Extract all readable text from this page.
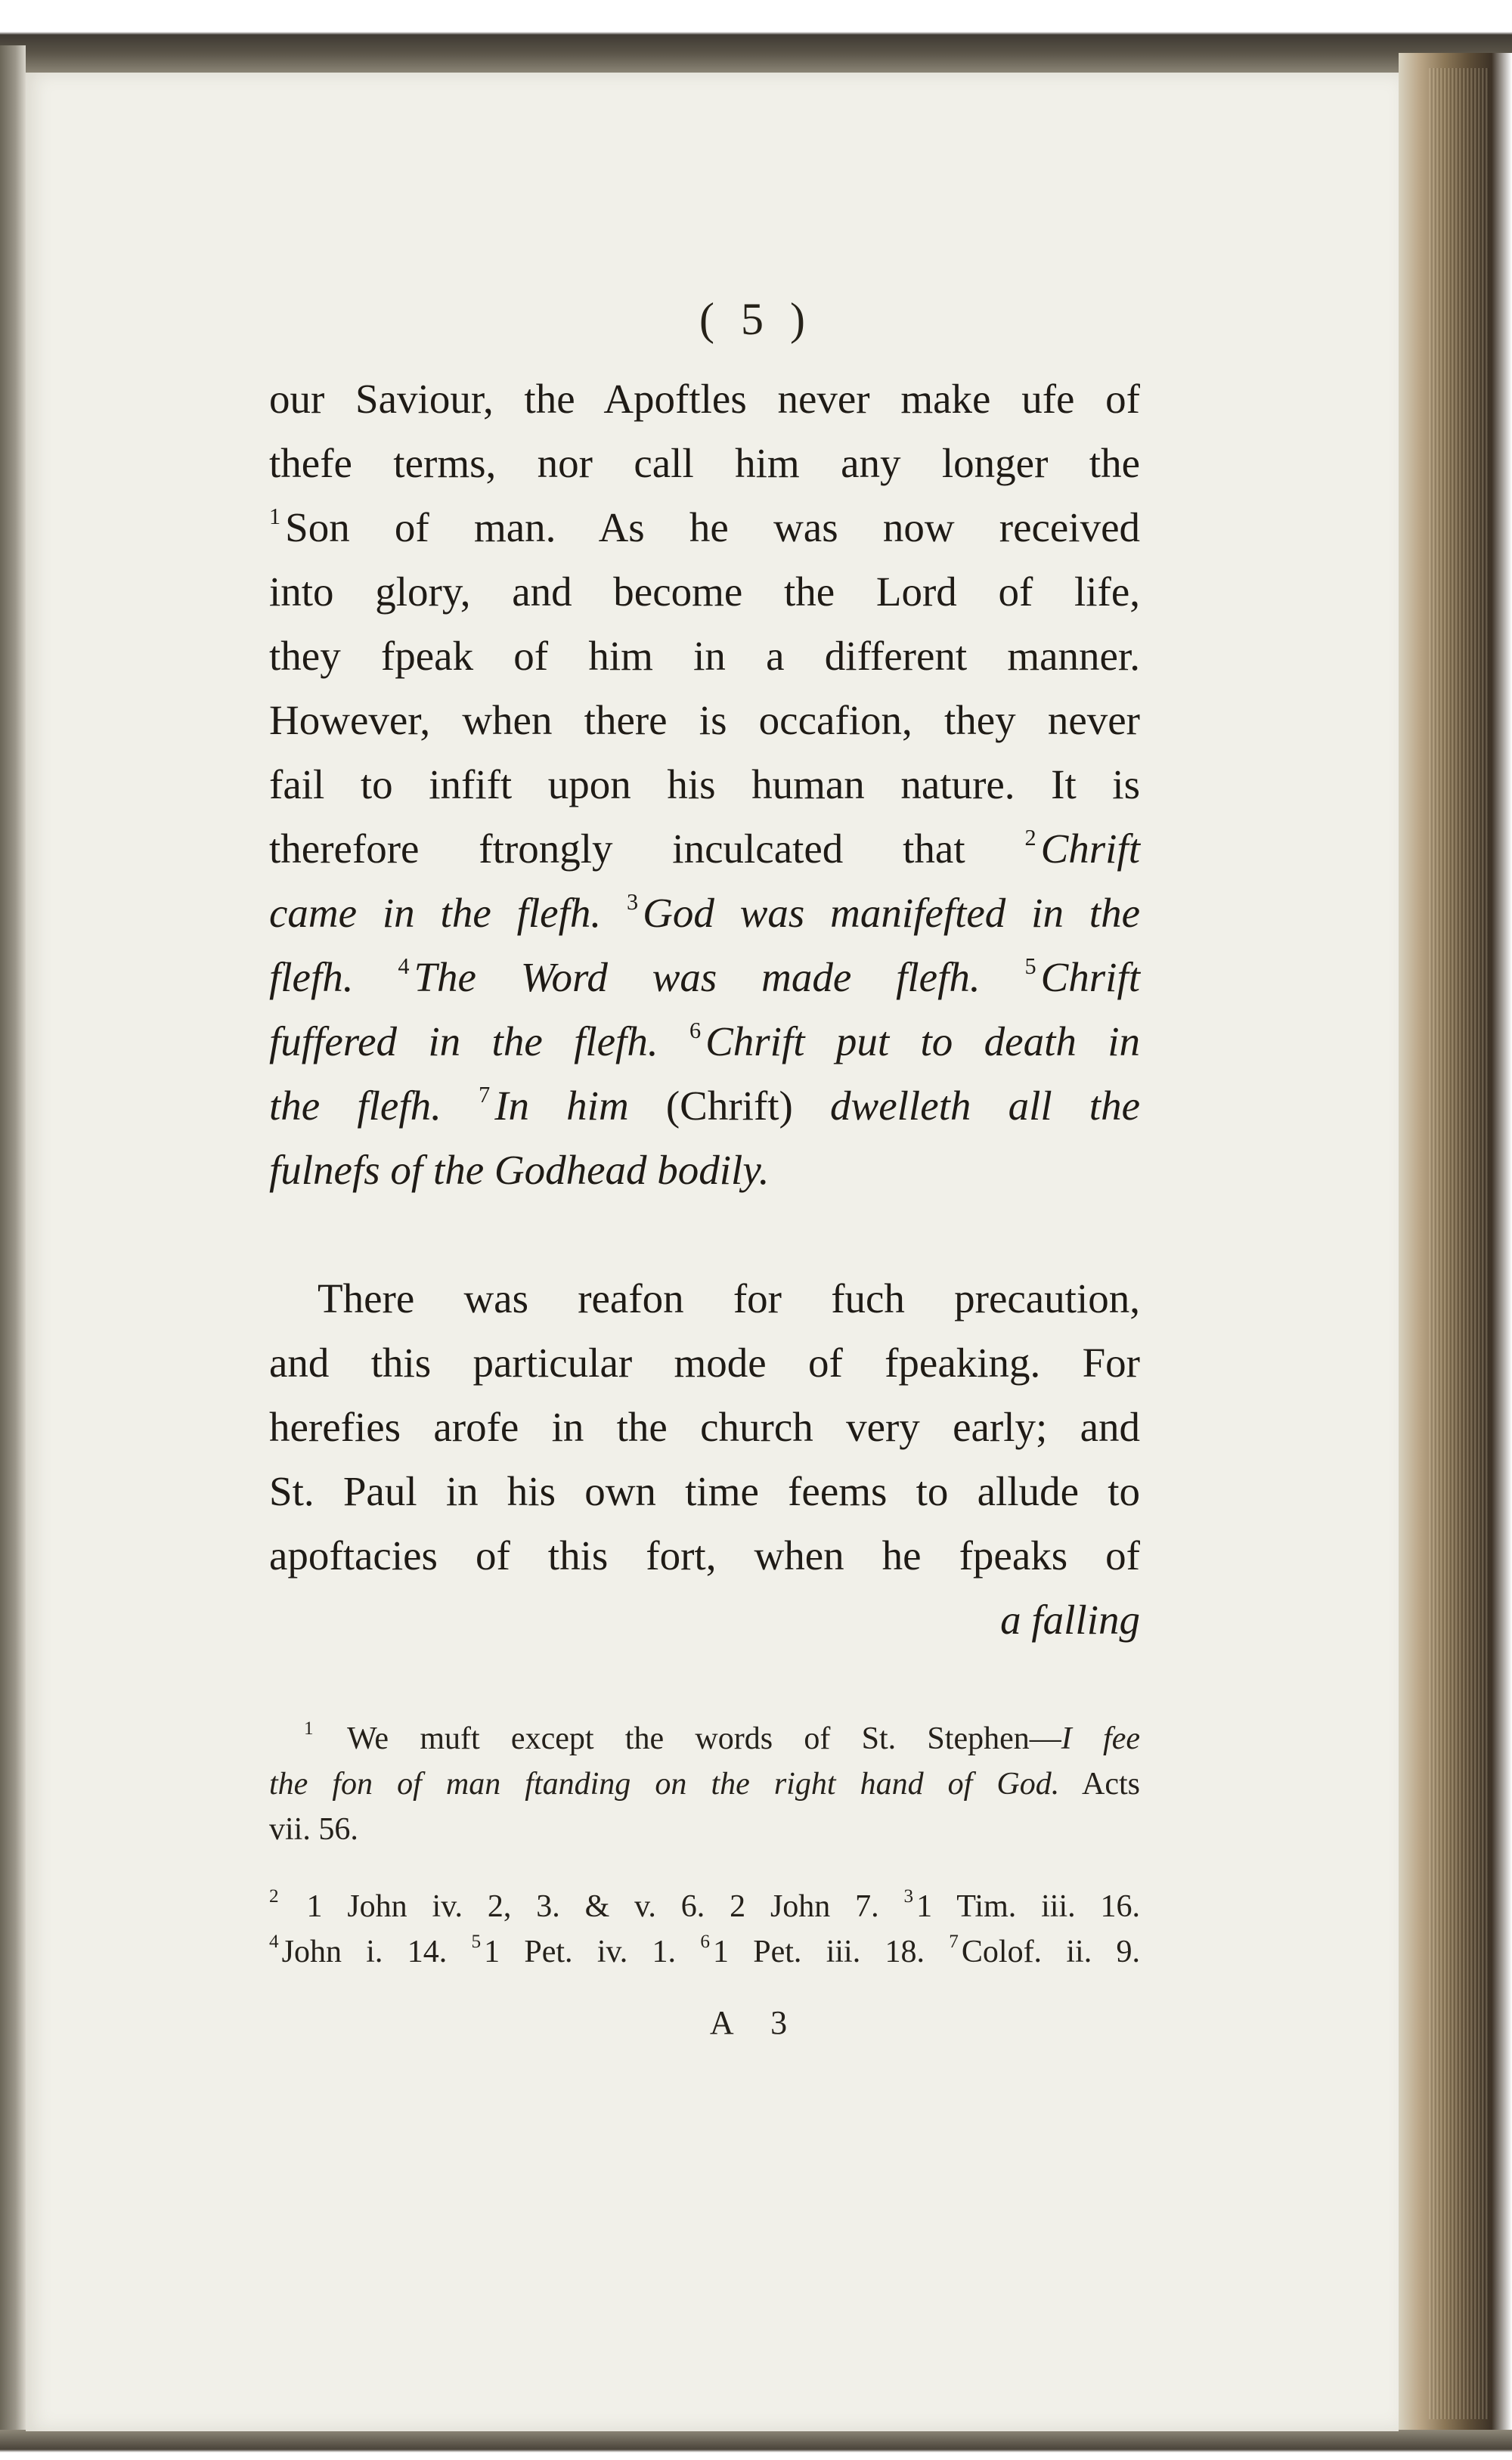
( 5 )
our Saviour, the Apoftles never make ufe of
thefe terms, nor call him any longer the
$^1$ Son of man. As he was now received
into glory, and become the Lord of life,
they fpeak of him in a different manner.
However, when there is occafion, they never
fail to infift upon his human nature. It is
therefore ftrongly inculcated that $^2$ Chrift
came in the flefh. $^3$ God was manifefted in the
flefh. $^4$ The Word was made flefh. $^5$ Chrift
fuffered in the flefh. $^6$ Chrift put to death in
the flefh. $^7$ In him (Chrift) dwelleth all the
fulnefs of the Godhead bodily.
There was reafon for fuch precaution,
and this particular mode of fpeaking. For
herefies arofe in the church very early; and
St. Paul in his own time feems to allude to
apoftacies of this fort, when he fpeaks of
a falling
$^1$ We muft except the words of St. Stephen—I fee
the fon of man ftanding on the right hand of God. Acts
vii. 56.
$^2$ 1 John iv. 2, 3. & v. 6. 2 John 7. $^3$1 Tim. iii. 16.
$^4$John i. 14. $^5$1 Pet. iv. 1. $^6$1 Pet. iii. 18. $^7$Colof. ii. 9.
A 3
